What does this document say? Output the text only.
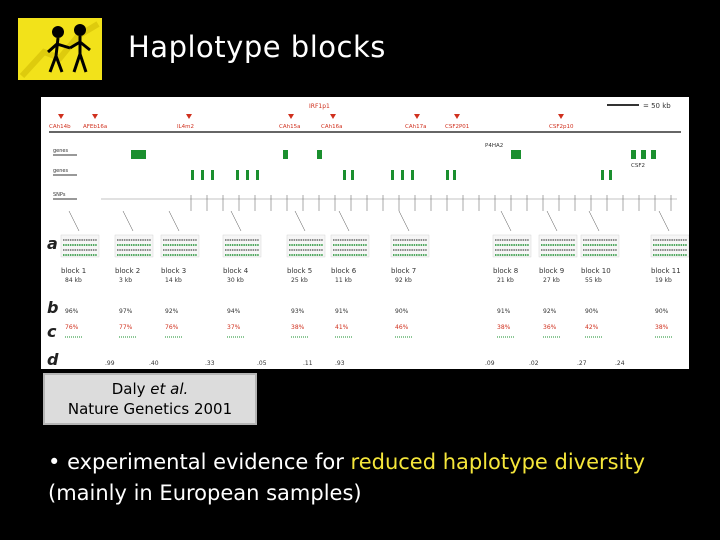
Haplotype blocks
= 50 kb
IRF1p1
CAh14b AFEb16a	IL4m2	CAh15a	CAh16a	CAh17a	CSF2P01	CSF2p10
genes
genes
SNPs
P4HA2
CSF2
a
b
c
d
block 1
84 kb
96%
76%
block 2
3 kb
97%
77%
block 3
14 kb
92%
76%
block 4
30 kb
94%
37%
block 5
25 kb
93%
38%
block 6
11 kb
91%
41%
block 7
92 kb
90%
46%
block 8
21 kb
91%
38%
block 9
27 kb
92%
36%
block 10
55 kb
90%
42%
block 11
19 kb
90%
38%
.99	.40	.33	.05	.11	.93	.09	.02	.27	.24
Daly et al.
Nature Genetics 2001
• experimental evidence for reduced haplotype diversity
(mainly in European samples)
